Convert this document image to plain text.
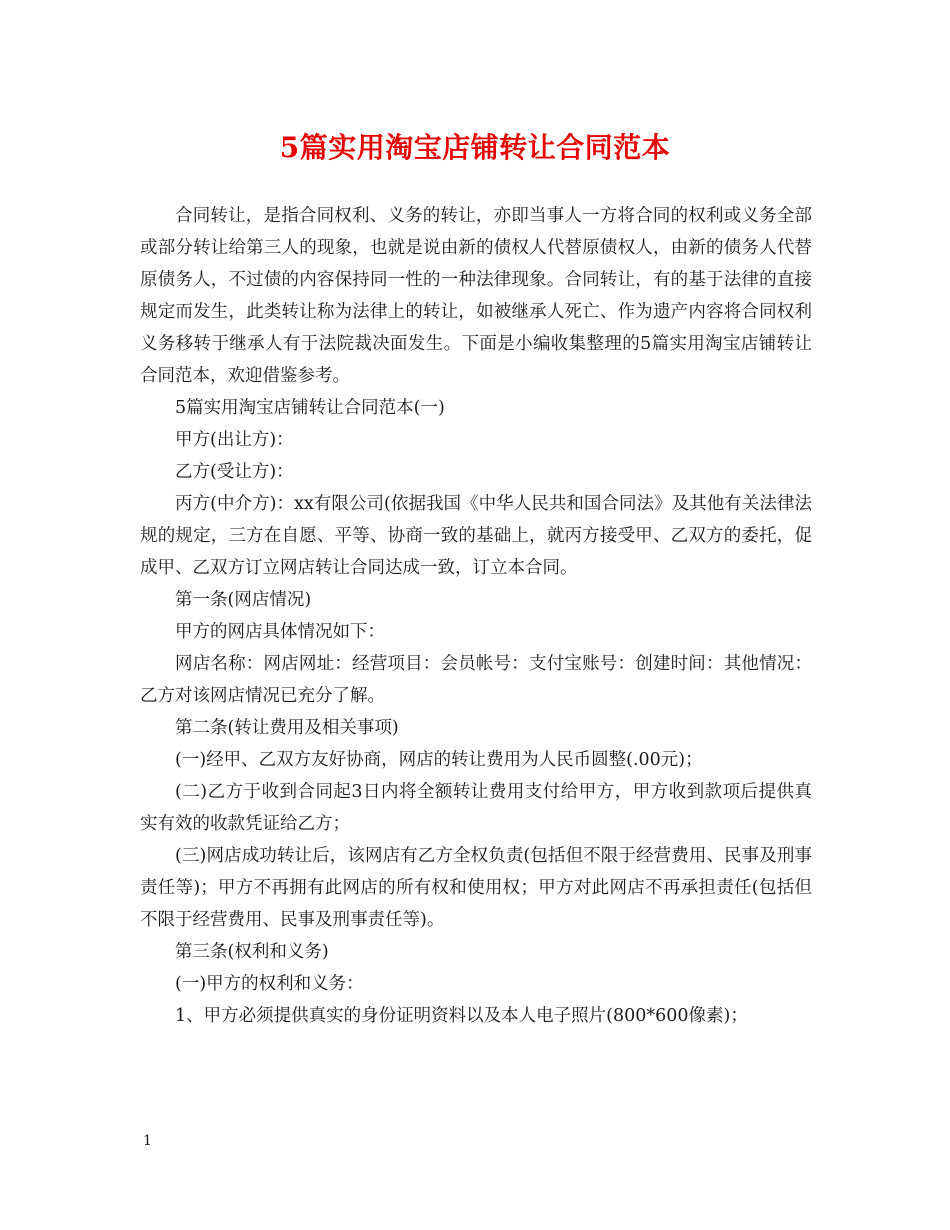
5篇实用淘宝店铺转让合同范本

合同转让，是指合同权利、义务的转让，亦即当事人一方将合同的权利或义务全部或部分转让给第三人的现象，也就是说由新的债权人代替原债权人，由新的债务人代替原债务人，不过债的内容保持同一性的一种法律现象。合同转让，有的基于法律的直接规定而发生，此类转让称为法律上的转让，如被继承人死亡、作为遗产内容将合同权利义务移转于继承人有于法院裁决面发生。下面是小编收集整理的5篇实用淘宝店铺转让合同范本，欢迎借鉴参考。

5篇实用淘宝店铺转让合同范本(一)

甲方(出让方)：

乙方(受让方)：

丙方(中介方)：xx有限公司(依据我国《中华人民共和国合同法》及其他有关法律法规的规定，三方在自愿、平等、协商一致的基础上，就丙方接受甲、乙双方的委托，促成甲、乙双方订立网店转让合同达成一致，订立本合同。

第一条(网店情况)

甲方的网店具体情况如下：

网店名称：网店网址：经营项目：会员帐号：支付宝账号：创建时间：其他情况：乙方对该网店情况已充分了解。

第二条(转让费用及相关事项)

(一)经甲、乙双方友好协商，网店的转让费用为人民币圆整(.00元)；

(二)乙方于收到合同起3日内将全额转让费用支付给甲方，甲方收到款项后提供真实有效的收款凭证给乙方；

(三)网店成功转让后，该网店有乙方全权负责(包括但不限于经营费用、民事及刑事责任等)；甲方不再拥有此网店的所有权和使用权；甲方对此网店不再承担责任(包括但不限于经营费用、民事及刑事责任等)。

第三条(权利和义务)

(一)甲方的权利和义务：

1、甲方必须提供真实的身份证明资料以及本人电子照片(800*600像素)；

1
